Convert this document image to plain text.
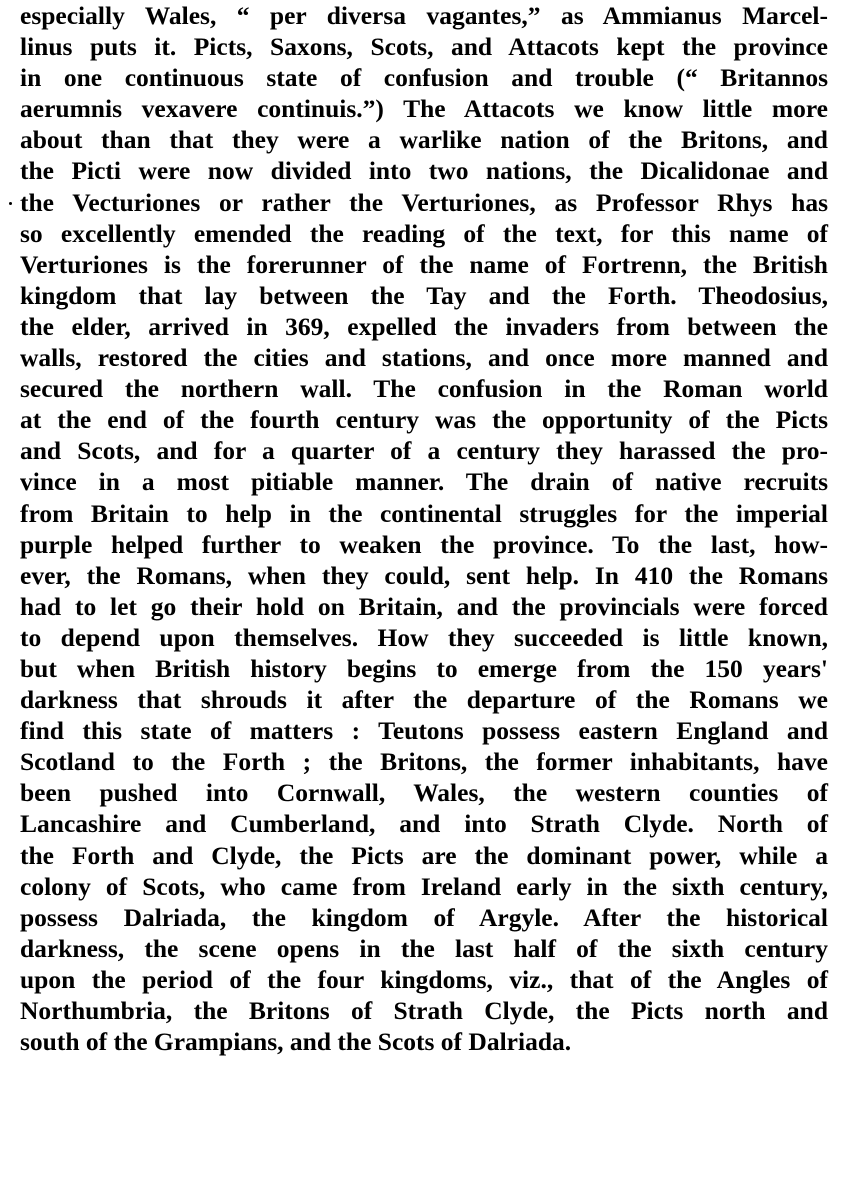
especially Wales, “ per diversa vagantes,” as Ammianus Marcel-
linus puts it. Picts, Saxons, Scots, and Attacots kept the province
in one continuous state of confusion and trouble (“ Britannos
aerumnis vexavere continuis.”) The Attacots we know little more
about than that they were a warlike nation of the Britons, and
the Picti were now divided into two nations, the Dicalidonae and
the Vecturiones or rather the Verturiones, as Professor Rhys has
so excellently emended the reading of the text, for this name of
Verturiones is the forerunner of the name of Fortrenn, the British
kingdom that lay between the Tay and the Forth. Theodosius,
the elder, arrived in 369, expelled the invaders from between the
walls, restored the cities and stations, and once more manned and
secured the northern wall. The confusion in the Roman world
at the end of the fourth century was the opportunity of the Picts
and Scots, and for a quarter of a century they harassed the pro-
vince in a most pitiable manner. The drain of native recruits
from Britain to help in the continental struggles for the imperial
purple helped further to weaken the province. To the last, how-
ever, the Romans, when they could, sent help. In 410 the Romans
had to let go their hold on Britain, and the provincials were forced
to depend upon themselves. How they succeeded is little known,
but when British history begins to emerge from the 150 years'
darkness that shrouds it after the departure of the Romans we
find this state of matters : Teutons possess eastern England and
Scotland to the Forth ; the Britons, the former inhabitants, have
been pushed into Cornwall, Wales, the western counties of
Lancashire and Cumberland, and into Strath Clyde. North of
the Forth and Clyde, the Picts are the dominant power, while a
colony of Scots, who came from Ireland early in the sixth century,
possess Dalriada, the kingdom of Argyle. After the historical
darkness, the scene opens in the last half of the sixth century
upon the period of the four kingdoms, viz., that of the Angles of
Northumbria, the Britons of Strath Clyde, the Picts north and
south of the Grampians, and the Scots of Dalriada.
